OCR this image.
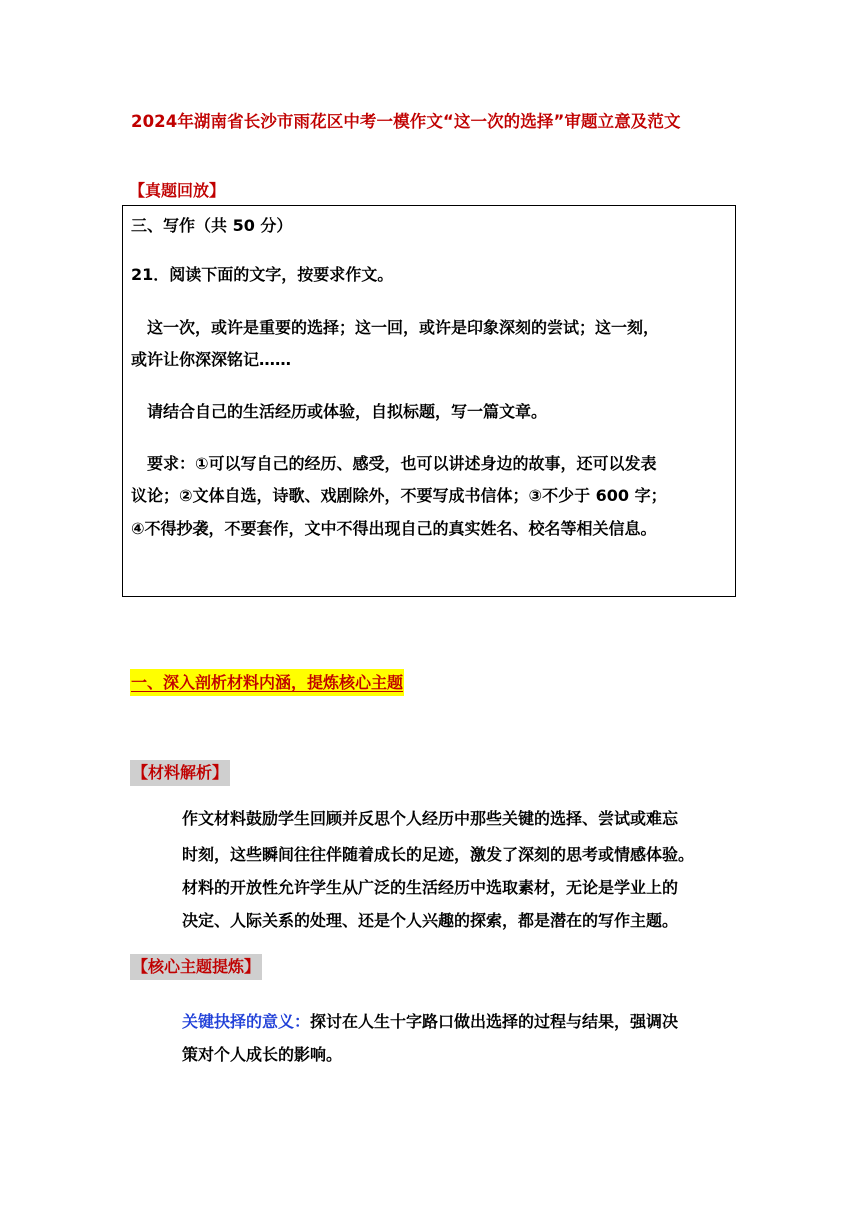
2024年湖南省长沙市雨花区中考一模作文“这一次的选择”审题立意及范文
【真题回放】
三、写作（共 50 分）
21．阅读下面的文字，按要求作文。
这一次，或许是重要的选择；这一回，或许是印象深刻的尝试；这一刻，
或许让你深深铭记……
请结合自己的生活经历或体验，自拟标题，写一篇文章。
要求：①可以写自己的经历、感受，也可以讲述身边的故事，还可以发表
议论；②文体自选，诗歌、戏剧除外，不要写成书信体；③不少于 600 字；
④不得抄袭，不要套作，文中不得出现自己的真实姓名、校名等相关信息。
一、深入剖析材料内涵，提炼核心主题
【材料解析】
作文材料鼓励学生回顾并反思个人经历中那些关键的选择、尝试或难忘
时刻，这些瞬间往往伴随着成长的足迹，激发了深刻的思考或情感体验。
材料的开放性允许学生从广泛的生活经历中选取素材，无论是学业上的
决定、人际关系的处理、还是个人兴趣的探索，都是潜在的写作主题。
【核心主题提炼】
关键抉择的意义：探讨在人生十字路口做出选择的过程与结果，强调决
策对个人成长的影响。
